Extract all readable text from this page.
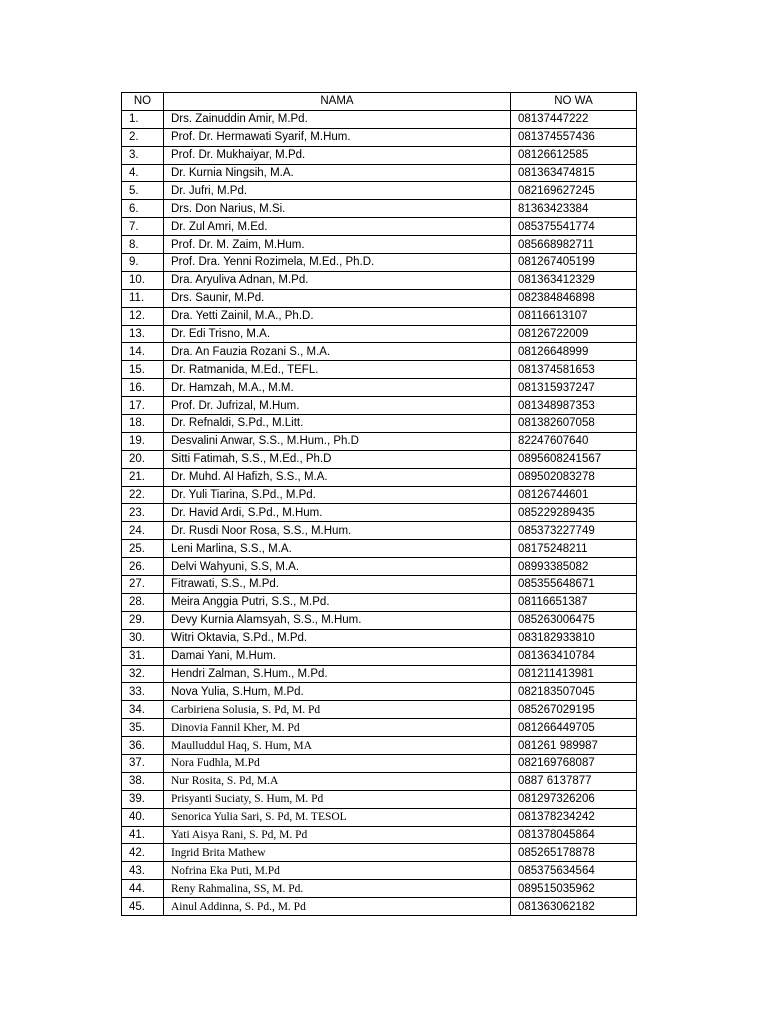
NO	NAMA	NO WA
1.	Drs. Zainuddin Amir, M.Pd.	08137447222
2.	Prof. Dr. Hermawati Syarif, M.Hum.	081374557436
3.	Prof. Dr. Mukhaiyar, M.Pd.	08126612585
4.	Dr. Kurnia Ningsih, M.A.	081363474815
5.	Dr. Jufri, M.Pd.	082169627245
6.	Drs. Don Narius, M.Si.	81363423384
7.	Dr. Zul Amri, M.Ed.	085375541774
8.	Prof. Dr. M. Zaim, M.Hum.	085668982711
9.	Prof. Dra. Yenni Rozimela, M.Ed., Ph.D.	081267405199
10.	Dra. Aryuliva Adnan, M.Pd.	081363412329
11.	Drs. Saunir, M.Pd.	082384846898
12.	Dra. Yetti Zainil, M.A., Ph.D.	08116613107
13.	Dr. Edi Trisno, M.A.	08126722009
14.	Dra. An Fauzia Rozani S., M.A.	08126648999
15.	Dr. Ratmanida, M.Ed., TEFL.	081374581653
16.	Dr. Hamzah, M.A., M.M.	081315937247
17.	Prof. Dr. Jufrizal, M.Hum.	081348987353
18.	Dr. Refnaldi, S.Pd., M.Litt.	081382607058
19.	Desvalini Anwar, S.S., M.Hum., Ph.D	82247607640
20.	Sitti Fatimah, S.S., M.Ed., Ph.D	0895608241567
21.	Dr. Muhd. Al Hafizh, S.S., M.A.	089502083278
22.	Dr. Yuli Tiarina, S.Pd., M.Pd.	08126744601
23.	Dr. Havid Ardi, S.Pd., M.Hum.	085229289435
24.	Dr. Rusdi Noor Rosa, S.S., M.Hum.	085373227749
25.	Leni Marlina, S.S., M.A.	08175248211
26.	Delvi Wahyuni, S.S, M.A.	08993385082
27.	Fitrawati, S.S., M.Pd.	085355648671
28.	Meira Anggia Putri, S.S., M.Pd.	08116651387
29.	Devy Kurnia Alamsyah, S.S., M.Hum.	085263006475
30.	Witri Oktavia, S.Pd., M.Pd.	083182933810
31.	Damai Yani, M.Hum.	081363410784
32.	Hendri Zalman, S.Hum., M.Pd.	081211413981
33.	Nova Yulia, S.Hum, M.Pd.	082183507045
34.	Carbiriena Solusia, S. Pd, M. Pd	085267029195
35.	Dinovia Fannil Kher, M. Pd	081266449705
36.	Maulluddul Haq, S. Hum, MA	081261 989987
37.	Nora Fudhla, M.Pd	082169768087
38.	Nur Rosita, S. Pd, M.A	0887 6137877
39.	Prisyanti Suciaty, S. Hum, M. Pd	081297326206
40.	Senorica Yulia Sari, S. Pd, M. TESOL	081378234242
41.	Yati Aisya Rani, S. Pd, M. Pd	081378045864
42.	Ingrid Brita Mathew	085265178878
43.	Nofrina Eka Puti, M.Pd	085375634564
44.	Reny Rahmalina, SS, M. Pd.	089515035962
45.	Ainul Addinna, S. Pd., M. Pd	081363062182
